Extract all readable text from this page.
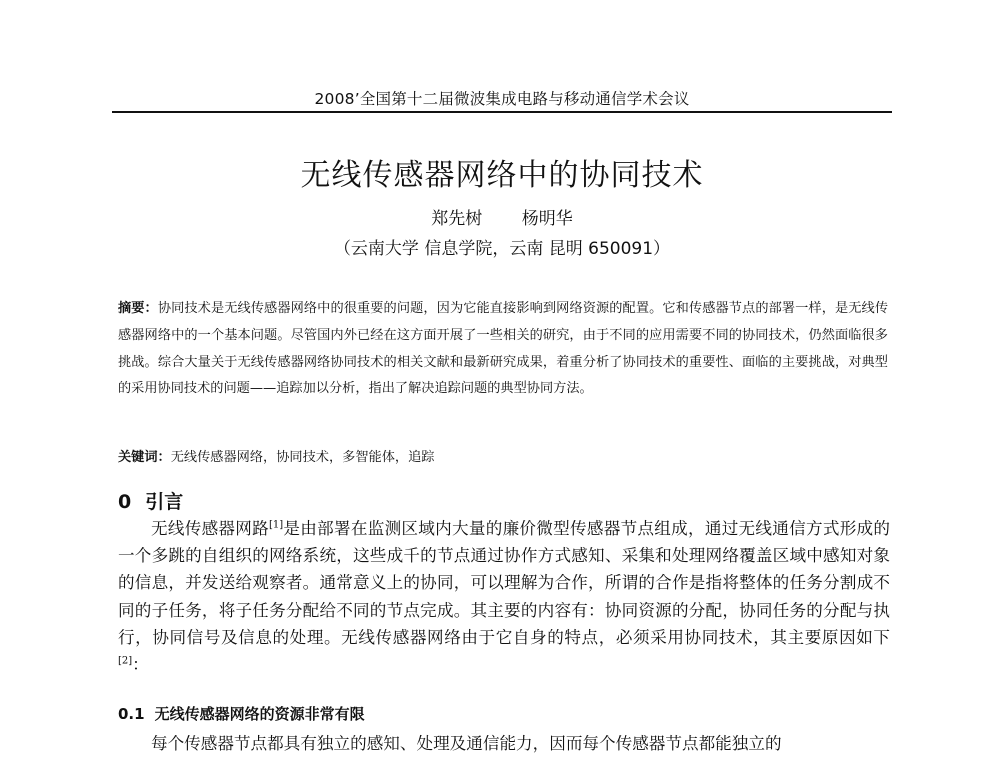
2008’全国第十二届微波集成电路与移动通信学术会议
无线传感器网络中的协同技术
郑先树 杨明华
（云南大学 信息学院，云南 昆明 650091）
摘要：协同技术是无线传感器网络中的很重要的问题，因为它能直接影响到网络资源的配置。它和传感器节点的部署一样，是无线传感器网络中的一个基本问题。尽管国内外已经在这方面开展了一些相关的研究，由于不同的应用需要不同的协同技术，仍然面临很多挑战。综合大量关于无线传感器网络协同技术的相关文献和最新研究成果，着重分析了协同技术的重要性、面临的主要挑战，对典型的采用协同技术的问题——追踪加以分析，指出了解决追踪问题的典型协同方法。
关键词：无线传感器网络，协同技术，多智能体，追踪
0 引言

无线传感器网路[1]是由部署在监测区域内大量的廉价微型传感器节点组成，通过无线通信方式形成的一个多跳的自组织的网络系统，这些成千的节点通过协作方式感知、采集和处理网络覆盖区域中感知对象的信息，并发送给观察者。通常意义上的协同，可以理解为合作，所谓的合作是指将整体的任务分割成不同的子任务，将子任务分配给不同的节点完成。其主要的内容有：协同资源的分配，协同任务的分配与执行，协同信号及信息的处理。无线传感器网络由于它自身的特点，必须采用协同技术，其主要原因如下[2]：

0.1 无线传感器网络的资源非常有限

每个传感器节点都具有独立的感知、处理及通信能力，因而每个传感器节点都能独立的
